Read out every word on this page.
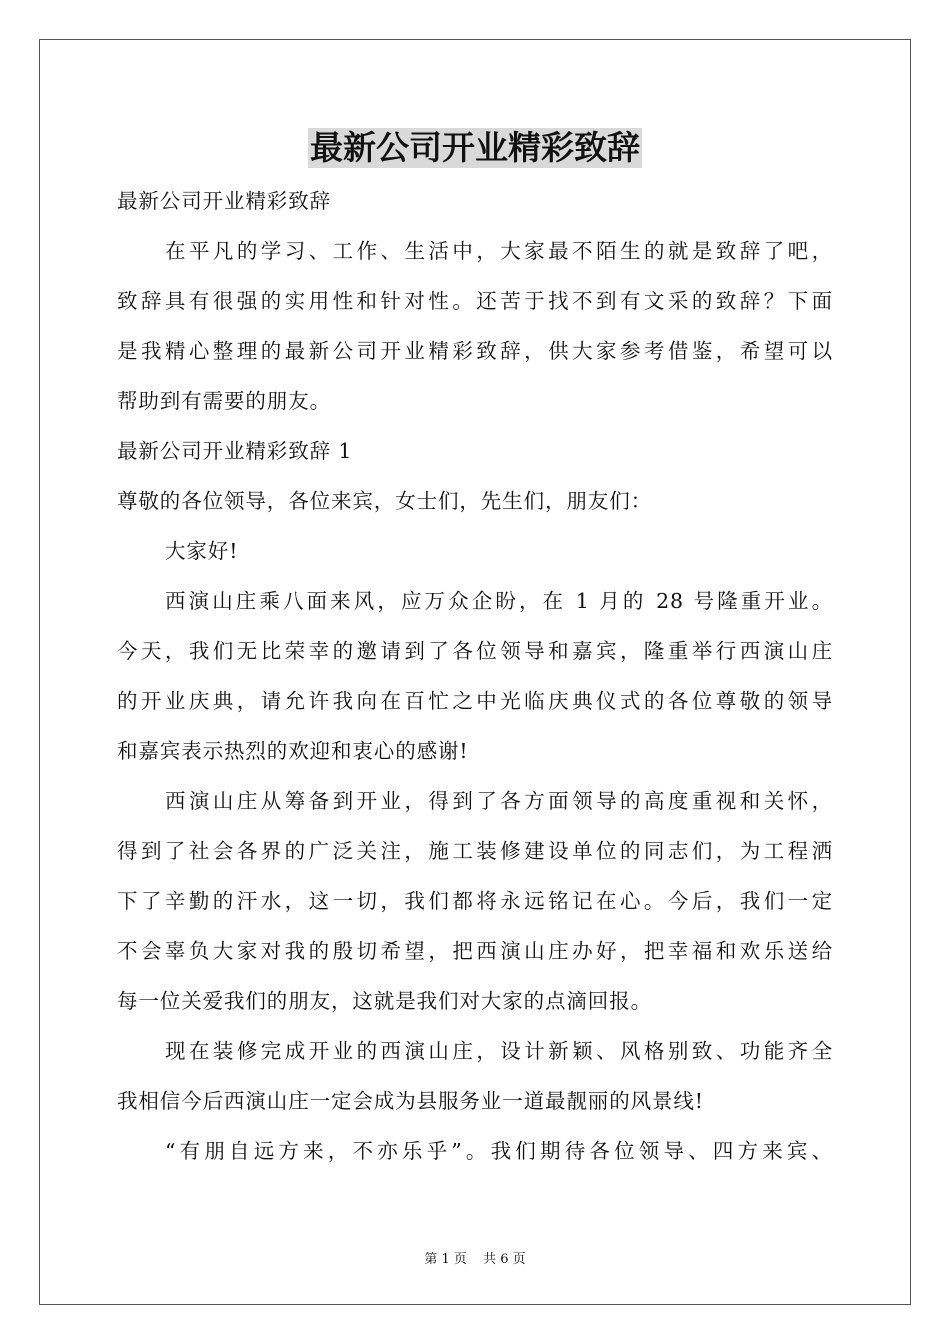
最新公司开业精彩致辞
最新公司开业精彩致辞
在平凡的学习、工作、生活中，大家最不陌生的就是致辞了吧，
致辞具有很强的实用性和针对性。还苦于找不到有文采的致辞？下面
是我精心整理的最新公司开业精彩致辞，供大家参考借鉴，希望可以
帮助到有需要的朋友。
最新公司开业精彩致辞 1
尊敬的各位领导，各位来宾，女士们，先生们，朋友们：
大家好!
西演山庄乘八面来风，应万众企盼，在 1 月的 28 号隆重开业。
今天，我们无比荣幸的邀请到了各位领导和嘉宾，隆重举行西演山庄
的开业庆典，请允许我向在百忙之中光临庆典仪式的各位尊敬的领导
和嘉宾表示热烈的欢迎和衷心的感谢!
西演山庄从筹备到开业，得到了各方面领导的高度重视和关怀，
得到了社会各界的广泛关注，施工装修建设单位的同志们，为工程洒
下了辛勤的汗水，这一切，我们都将永远铭记在心。今后，我们一定
不会辜负大家对我的殷切希望，把西演山庄办好，把幸福和欢乐送给
每一位关爱我们的朋友，这就是我们对大家的点滴回报。
现在装修完成开业的西演山庄，设计新颖、风格别致、功能齐全
我相信今后西演山庄一定会成为县服务业一道最靓丽的风景线!
“有朋自远方来，不亦乐乎”。我们期待各位领导、四方来宾、
第 1 页 共 6 页
